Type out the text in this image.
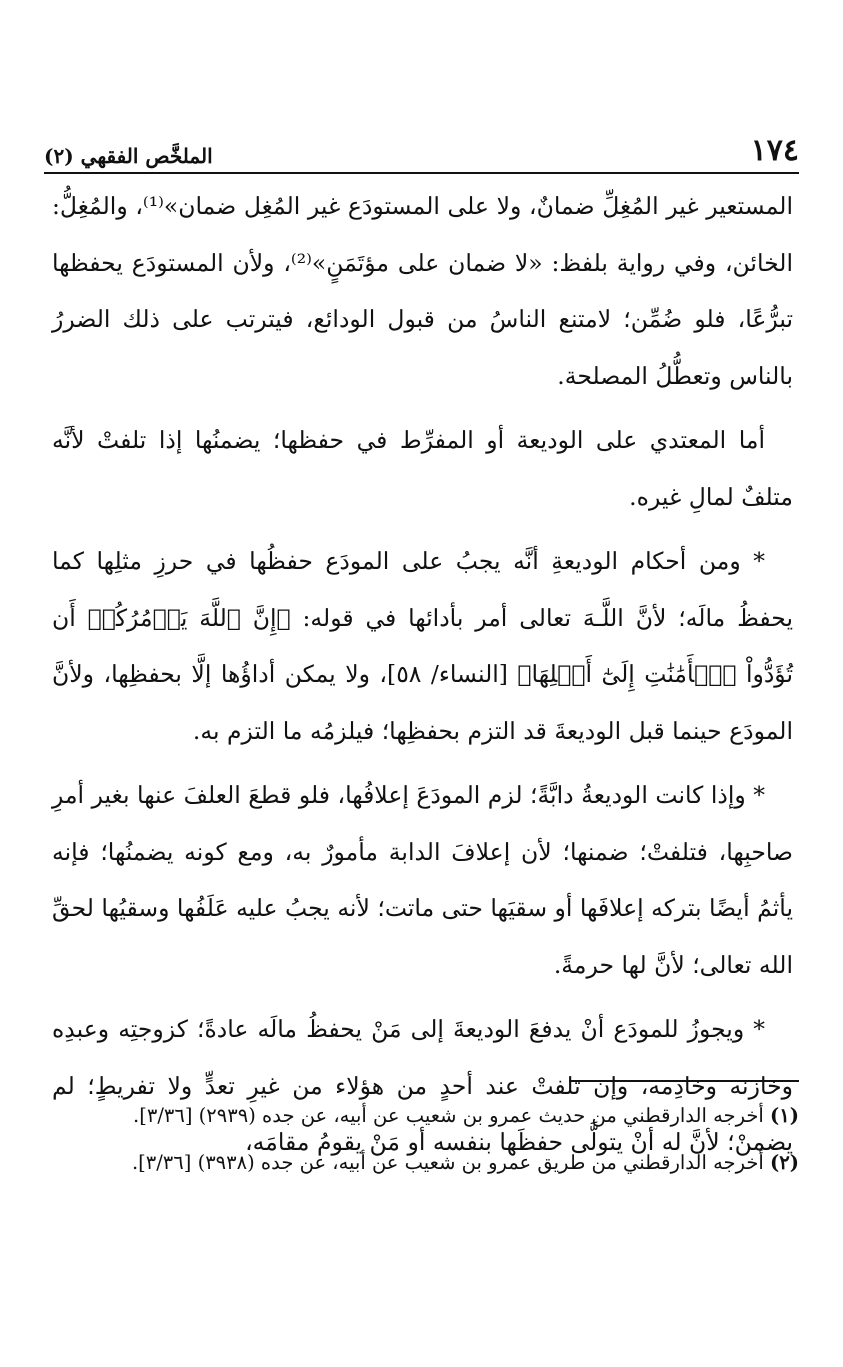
١٧٤
الملخَّص الفقهي (٢)

المستعير غير المُغِلِّ ضمانٌ، ولا على المستودَع غير المُغِل ضمان»⁽¹⁾، والمُغِلُّ: الخائن، وفي رواية بلفظ: «لا ضمان على مؤتَمَنٍ»⁽²⁾، ولأن المستودَع يحفظها تبرُّعًا، فلو ضُمِّن؛ لامتنع الناسُ من قبول الودائع، فيترتب على ذلك الضررُ بالناس وتعطُّلُ المصلحة.

أما المعتدي على الوديعة أو المفرِّط في حفظها؛ يضمنُها إذا تلفتْ لأنَّه متلفٌ لمالِ غيره.

* ومن أحكام الوديعةِ أنَّه يجبُ على المودَع حفظُها في حرزِ مثلِها كما يحفظُ مالَه؛ لأنَّ اللَّـهَ تعالى أمر بأدائها في قوله: ﴿إِنَّ ٱللَّهَ يَأۡمُرُكُمۡ أَن تُؤَدُّواْ ٱلۡأَمَٰنَٰتِ إِلَىٰٓ أَهۡلِهَا﴾ [النساء/ ٥٨]، ولا يمكن أداؤُها إلَّا بحفظِها، ولأنَّ المودَع حينما قبل الوديعةَ قد التزم بحفظِها؛ فيلزمُه ما التزم به.

* وإذا كانت الوديعةُ دابَّةً؛ لزم المودَعَ إعلافُها، فلو قطعَ العلفَ عنها بغير أمرِ صاحبِها، فتلفتْ؛ ضمنها؛ لأن إعلافَ الدابة مأمورٌ به، ومع كونه يضمنُها؛ فإنه يأثمُ أيضًا بتركه إعلافَها أو سقيَها حتى ماتت؛ لأنه يجبُ عليه عَلَفُها وسقيُها لحقِّ الله تعالى؛ لأنَّ لها حرمةً.

* ويجوزُ للمودَع أنْ يدفعَ الوديعةَ إلى مَنْ يحفظُ مالَه عادةً؛ كزوجتِه وعبدِه وخازنه وخادِمه، وإن تلفتْ عند أحدٍ من هؤلاء من غيرِ تعدٍّ ولا تفريطٍ؛ لم يضمنْ؛ لأنَّ له أنْ يتولَّى حفظَها بنفسه أو مَنْ يقومُ مقامَه،

(١) أخرجه الدارقطني من حديث عمرو بن شعيب عن أبيه، عن جده (٢٩٣٩) [٣/٣٦].

(٢) أخرجه الدارقطني من طريق عمرو بن شعيب عن أبيه، عن جده (٣٩٣٨) [٣/٣٦].
